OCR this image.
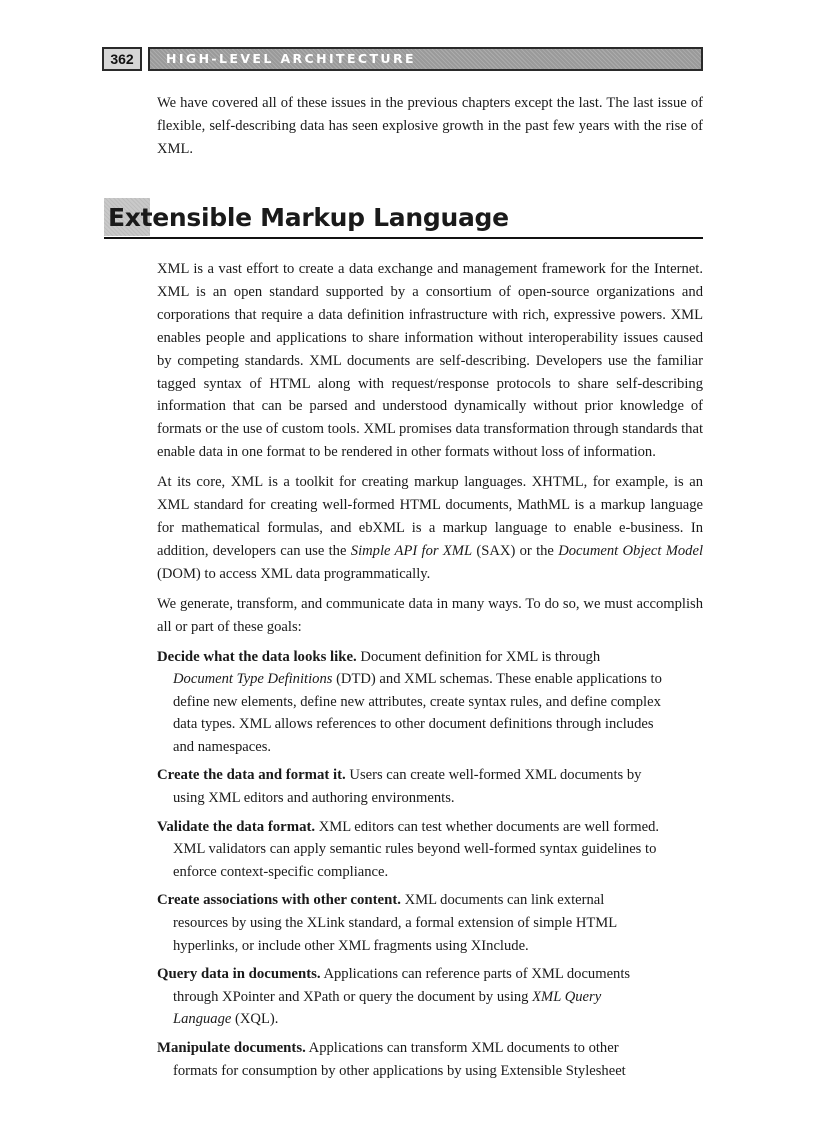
362	HIGH-LEVEL ARCHITECTURE

We have covered all of these issues in the previous chapters except the last. The last issue of flexible, self-describing data has seen explosive growth in the past few years with the rise of XML.

Extensible Markup Language

XML is a vast effort to create a data exchange and management framework for the Internet. XML is an open standard supported by a consortium of open-source organizations and corporations that require a data definition infrastructure with rich, expressive powers. XML enables people and applications to share information without interoperability issues caused by competing standards. XML documents are self-describing. Developers use the familiar tagged syntax of HTML along with request/response protocols to share self-describing information that can be parsed and understood dynamically without prior knowledge of formats or the use of custom tools. XML promises data transformation through standards that enable data in one format to be rendered in other formats without loss of information.

At its core, XML is a toolkit for creating markup languages. XHTML, for example, is an XML standard for creating well-formed HTML documents, MathML is a markup language for mathematical formulas, and ebXML is a markup language to enable e-business. In addition, developers can use the Simple API for XML (SAX) or the Document Object Model (DOM) to access XML data programmatically.

We generate, transform, and communicate data in many ways. To do so, we must accomplish all or part of these goals:

Decide what the data looks like. Document definition for XML is through
Document Type Definitions (DTD) and XML schemas. These enable applications to
define new elements, define new attributes, create syntax rules, and define complex
data types. XML allows references to other document definitions through includes
and namespaces.
Create the data and format it. Users can create well-formed XML documents by
using XML editors and authoring environments.
Validate the data format. XML editors can test whether documents are well formed.
XML validators can apply semantic rules beyond well-formed syntax guidelines to
enforce context-specific compliance.
Create associations with other content. XML documents can link external
resources by using the XLink standard, a formal extension of simple HTML
hyperlinks, or include other XML fragments using XInclude.
Query data in documents. Applications can reference parts of XML documents
through XPointer and XPath or query the document by using XML Query
Language (XQL).
Manipulate documents. Applications can transform XML documents to other
formats for consumption by other applications by using Extensible Stylesheet
